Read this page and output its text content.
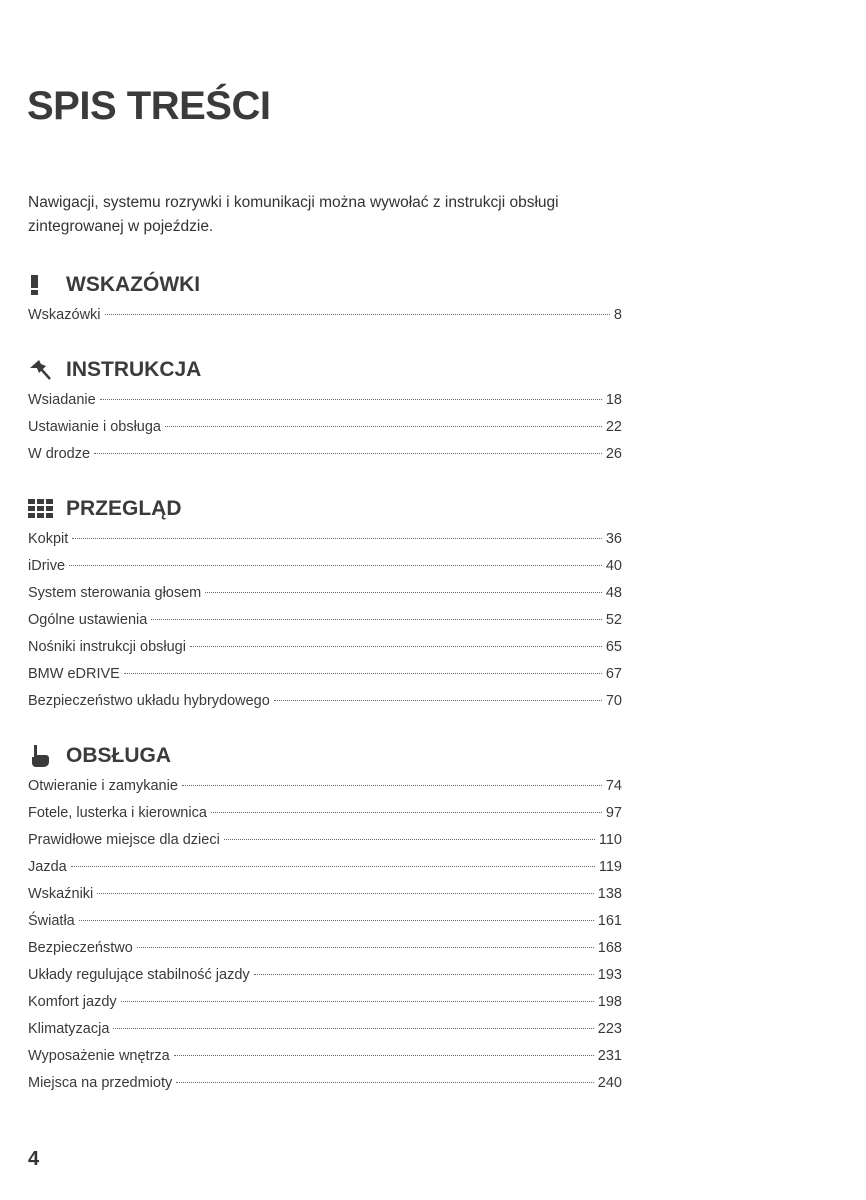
SPIS TREŚCI

Nawigacji, systemu rozrywki i komunikacji można wywołać z instrukcji obsługi zintegrowanej w pojeździe.

WSKAZÓWKI
Wskazówki	8
INSTRUKCJA
Wsiadanie	18
Ustawianie i obsługa	22
W drodze	26
PRZEGLĄD
Kokpit	36
iDrive	40
System sterowania głosem	48
Ogólne ustawienia	52
Nośniki instrukcji obsługi	65
BMW eDRIVE	67
Bezpieczeństwo układu hybrydowego	70
OBSŁUGA
Otwieranie i zamykanie	74
Fotele, lusterka i kierownica	97
Prawidłowe miejsce dla dzieci	110
Jazda	119
Wskaźniki	138
Światła	161
Bezpieczeństwo	168
Układy regulujące stabilność jazdy	193
Komfort jazdy	198
Klimatyzacja	223
Wyposażenie wnętrza	231
Miejsca na przedmioty	240
4
